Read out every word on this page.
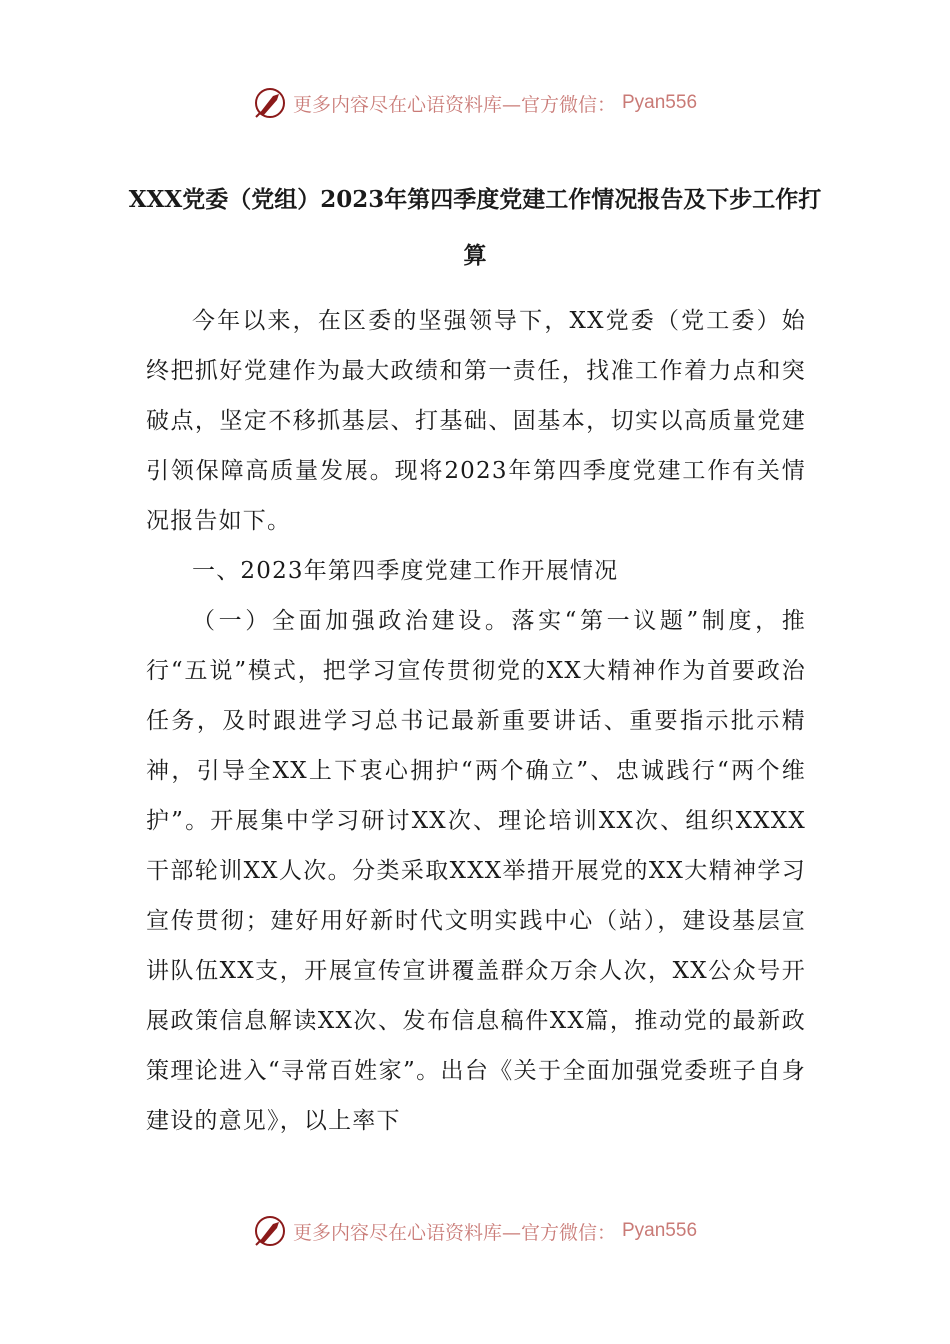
更多内容尽在心语资料库—官方微信： Pyan556
XXX党委（党组）2023年第四季度党建工作情况报告及下步工作打算

今年以来，在区委的坚强领导下，XX党委（党工委）始终把抓好党建作为最大政绩和第一责任，找准工作着力点和突破点，坚定不移抓基层、打基础、固基本，切实以高质量党建引领保障高质量发展。现将2023年第四季度党建工作有关情况报告如下。

一、2023年第四季度党建工作开展情况

（一）全面加强政治建设。落实“第一议题”制度，推行“五说”模式，把学习宣传贯彻党的XX大精神作为首要政治任务，及时跟进学习总书记最新重要讲话、重要指示批示精神，引导全XX上下衷心拥护“两个确立”、忠诚践行“两个维护”。开展集中学习研讨XX次、理论培训XX次、组织XXXX干部轮训XX人次。分类采取XXX举措开展党的XX大精神学习宣传贯彻；建好用好新时代文明实践中心（站），建设基层宣讲队伍XX支，开展宣传宣讲覆盖群众万余人次，XX公众号开展政策信息解读XX次、发布信息稿件XX篇，推动党的最新政策理论进入“寻常百姓家”。出台《关于全面加强党委班子自身建设的意见》，以上率下

更多内容尽在心语资料库—官方微信： Pyan556
